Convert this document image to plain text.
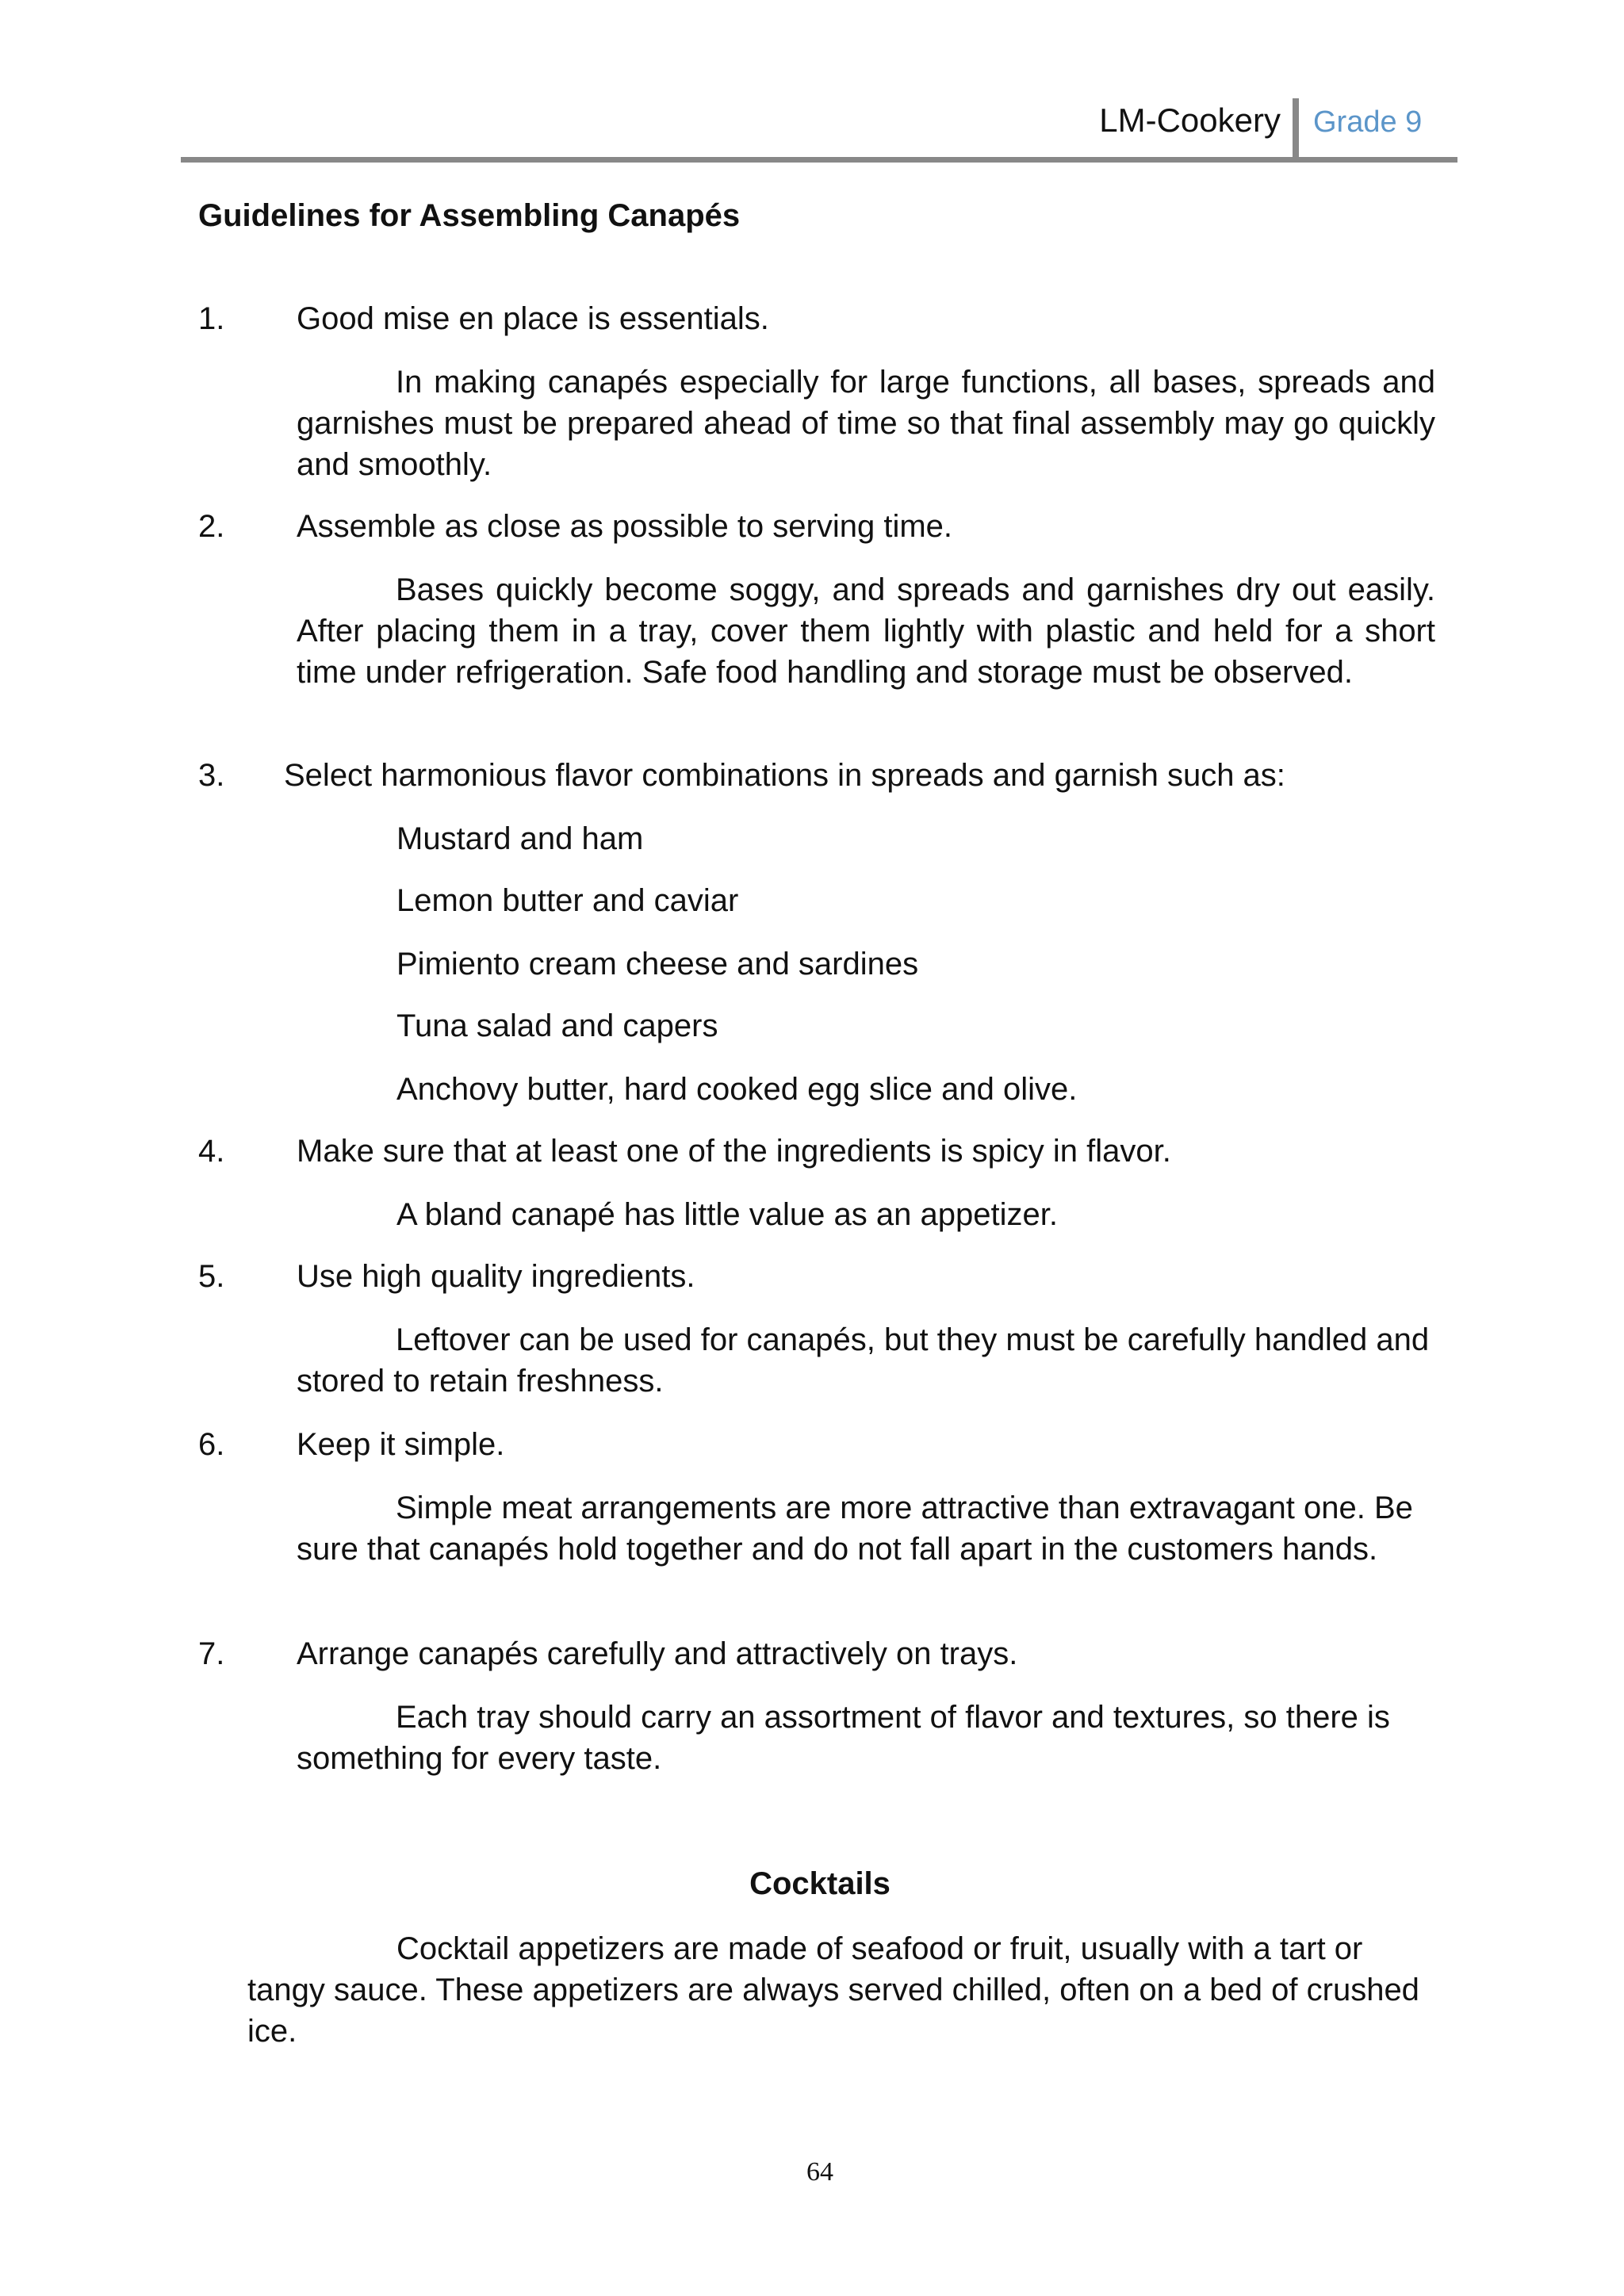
LM-Cookery Grade 9
Guidelines for Assembling Canapés
1. Good mise en place is essentials.
In making canapés especially for large functions, all bases, spreads and garnishes must be prepared ahead of time so that final assembly may go quickly and smoothly.
2. Assemble as close as possible to serving time.
Bases quickly become soggy, and spreads and garnishes dry out easily. After placing them in a tray, cover them lightly with plastic and held for a short time under refrigeration. Safe food handling and storage must be observed.
3. Select harmonious flavor combinations in spreads and garnish such as:
Mustard and ham
Lemon butter and caviar
Pimiento cream cheese and sardines
Tuna salad and capers
Anchovy butter, hard cooked egg slice and olive.
4. Make sure that at least one of the ingredients is spicy in flavor.
A bland canapé has little value as an appetizer.
5. Use high quality ingredients.
Leftover can be used for canapés, but they must be carefully handled and stored to retain freshness.
6. Keep it simple.
Simple meat arrangements are more attractive than extravagant one. Be sure that canapés hold together and do not fall apart in the customers hands.
7. Arrange canapés carefully and attractively on trays.
Each tray should carry an assortment of flavor and textures, so there is something for every taste.
Cocktails
Cocktail appetizers are made of seafood or fruit, usually with a tart or tangy sauce. These appetizers are always served chilled, often on a bed of crushed ice.
64
